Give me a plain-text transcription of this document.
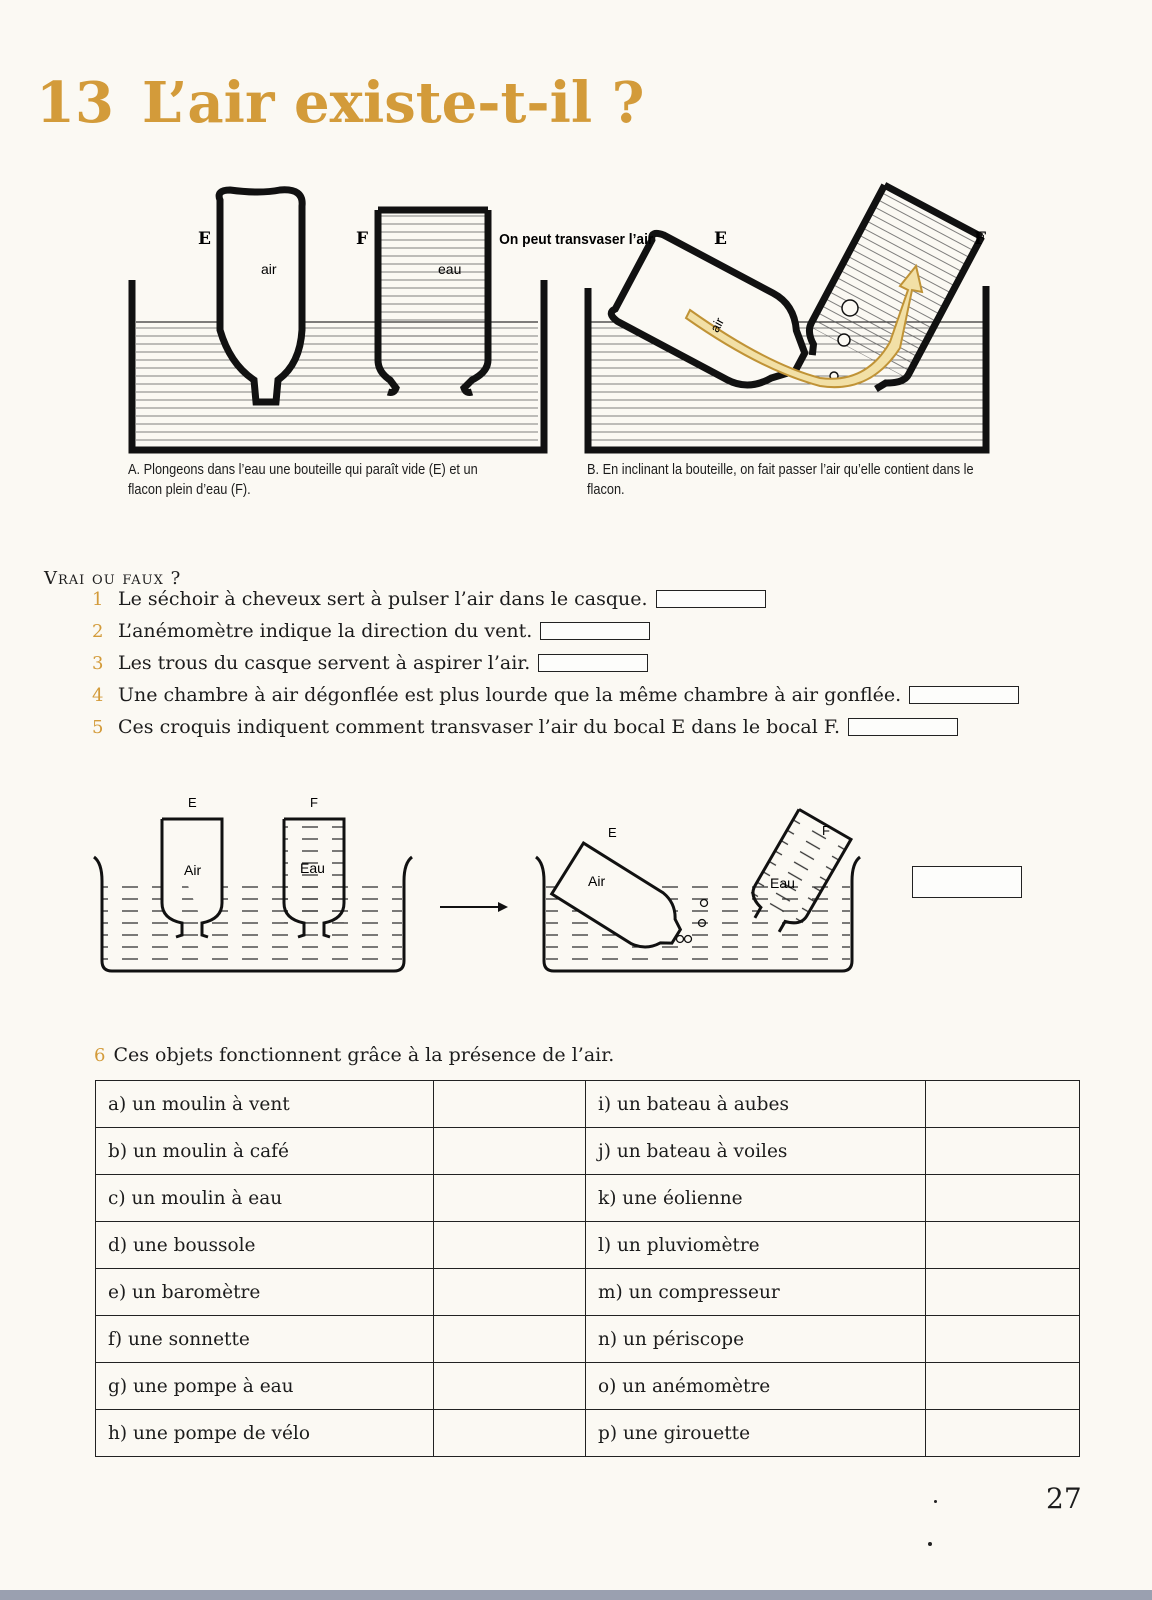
13 L’air existe-t-il ?
E	F
air	eau
On peut transvaser l’air	E	F
air
A. Plongeons dans l’eau une bouteille qui paraît vide (E) et un flacon plein d’eau (F).
B. En inclinant la bouteille, on fait passer l’air qu’elle contient dans le flacon.
Vrai ou faux ?
1 Le séchoir à cheveux sert à pulser l’air dans le casque.
2 L’anémomètre indique la direction du vent.
3 Les trous du casque servent à aspirer l’air.
4 Une chambre à air dégonflée est plus lourde que la même chambre à air gonflée.
5 Ces croquis indiquent comment transvaser l’air du bocal E dans le bocal F.
E	F
Air	Eau
E	F
Air	Eau
6 Ces objets fonctionnent grâce à la présence de l’air.
a) un moulin à vent		i) un bateau à aubes	
b) un moulin à café		j) un bateau à voiles	
c) un moulin à eau		k) une éolienne	
d) une boussole		l) un pluviomètre	
e) un baromètre		m) un compresseur	
f) une sonnette		n) un périscope	
g) une pompe à eau		o) un anémomètre	
h) une pompe de vélo		p) une girouette	
27
